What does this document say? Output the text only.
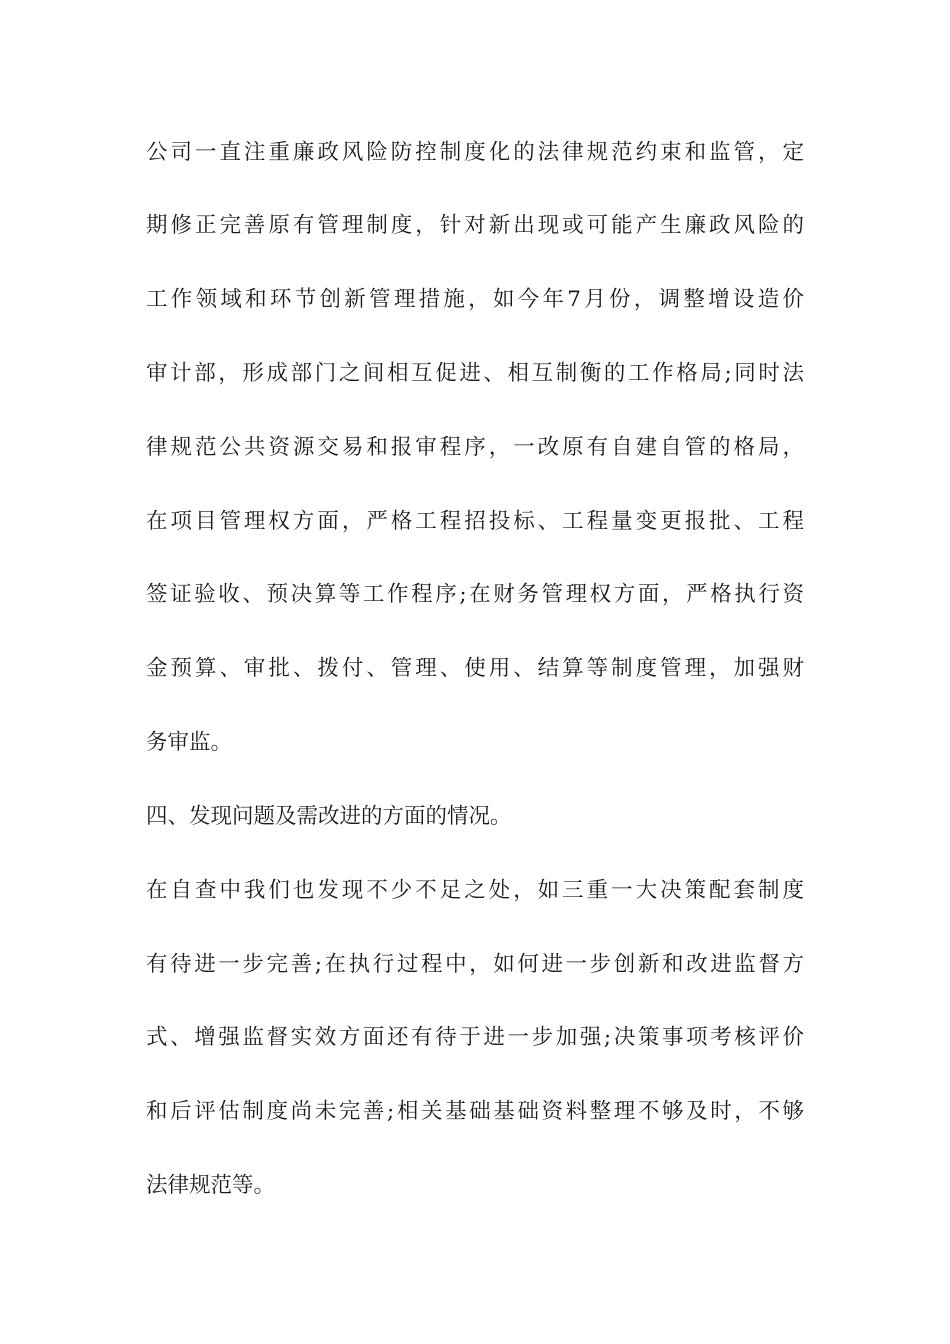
公司一直注重廉政风险防控制度化的法律规范约束和监管，定

期修正完善原有管理制度，针对新出现或可能产生廉政风险的

工作领域和环节创新管理措施，如今年7月份，调整增设造价

审计部，形成部门之间相互促进、相互制衡的工作格局;同时法

律规范公共资源交易和报审程序，一改原有自建自管的格局，

在项目管理权方面，严格工程招投标、工程量变更报批、工程

签证验收、预决算等工作程序;在财务管理权方面，严格执行资

金预算、审批、拨付、管理、使用、结算等制度管理，加强财

务审监。

四、发现问题及需改进的方面的情况。

在自查中我们也发现不少不足之处，如三重一大决策配套制度

有待进一步完善;在执行过程中，如何进一步创新和改进监督方

式、增强监督实效方面还有待于进一步加强;决策事项考核评价

和后评估制度尚未完善;相关基础基础资料整理不够及时，不够

法律规范等。
